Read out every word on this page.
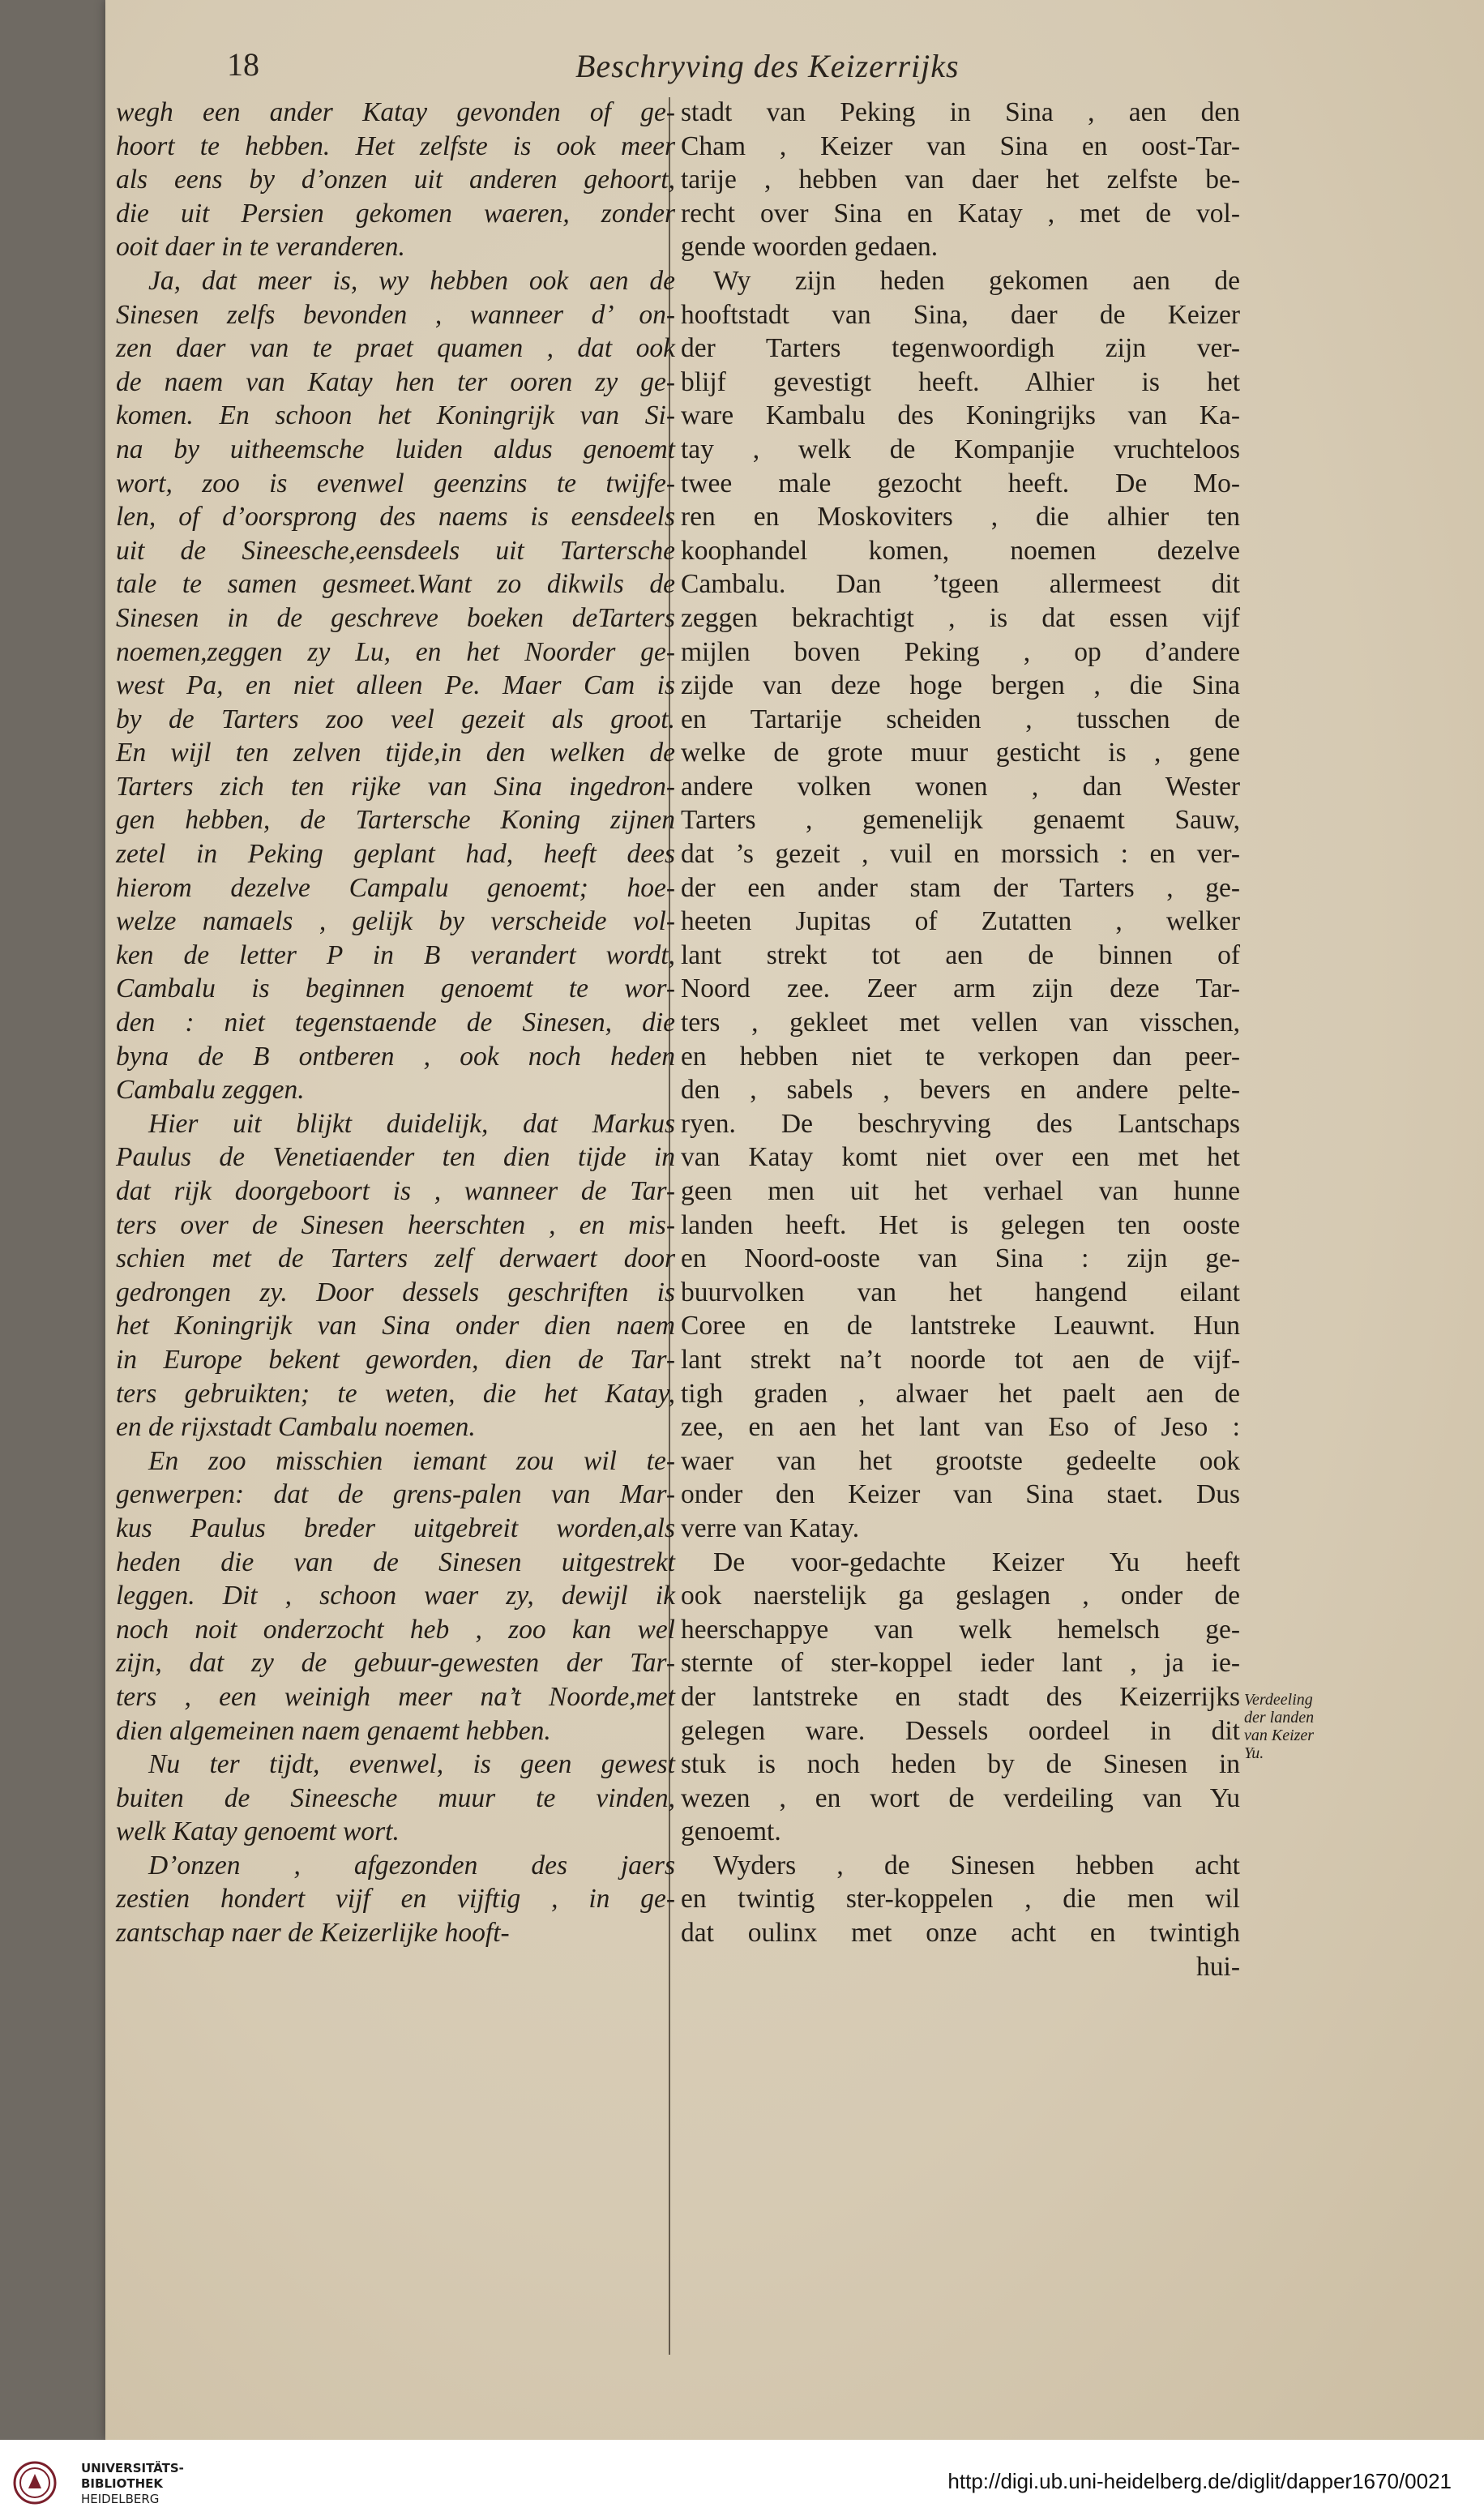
18	Beschryving des Keizerrijks

wegh een ander Katay gevonden of ge-
hoort te hebben. Het zelfste is ook meer
als eens by d’onzen uit anderen gehoort,
die uit Persien gekomen waeren, zonder
ooit daer in te veranderen.

Ja, dat meer is, wy hebben ook aen de
Sinesen zelfs bevonden , wanneer d’ on-
zen daer van te praet quamen , dat ook
de naem van Katay hen ter ooren zy ge-
komen. En schoon het Koningrijk van Si-
na by uitheemsche luiden aldus genoemt
wort, zoo is evenwel geenzins te twijfe-
len, of d’oorsprong des naems is eensdeels
uit de Sineesche,eensdeels uit Tartersche
tale te samen gesmeet.Want zo dikwils de
Sinesen in de geschreve boeken deTarters
noemen,zeggen zy Lu, en het Noorder ge-
west Pa, en niet alleen Pe. Maer Cam is
by de Tarters zoo veel gezeit als groot.
En wijl ten zelven tijde,in den welken de
Tarters zich ten rijke van Sina ingedron-
gen hebben, de Tartersche Koning zijnen
zetel in Peking geplant had, heeft dees
hierom dezelve Campalu genoemt; hoe-
welze namaels , gelijk by verscheide vol-
ken de letter P in B verandert wordt,
Cambalu is beginnen genoemt te wor-
den : niet tegenstaende de Sinesen, die
byna de B ontberen , ook noch heden
Cambalu zeggen.

Hier uit blijkt duidelijk, dat Markus
Paulus de Venetiaender ten dien tijde in
dat rijk doorgeboort is , wanneer de Tar-
ters over de Sinesen heerschten , en mis-
schien met de Tarters zelf derwaert door
gedrongen zy. Door dessels geschriften is
het Koningrijk van Sina onder dien naem
in Europe bekent geworden, dien de Tar-
ters gebruikten; te weten, die het Katay,
en de rijxstadt Cambalu noemen.

En zoo misschien iemant zou wil te-
genwerpen: dat de grens-palen van Mar-
kus Paulus breder uitgebreit worden,als
heden die van de Sinesen uitgestrekt
leggen. Dit , schoon waer zy, dewijl ik
noch noit onderzocht heb , zoo kan wel
zijn, dat zy de gebuur-gewesten der Tar-
ters , een weinigh meer na’t Noorde,met
dien algemeinen naem genaemt hebben.

Nu ter tijdt, evenwel, is geen gewest
buiten de Sineesche muur te vinden,
welk Katay genoemt wort.

D’onzen , afgezonden des jaers
zestien hondert vijf en vijftig , in ge-
zantschap naer de Keizerlijke hooft-

stadt van Peking in Sina , aen den
Cham , Keizer van Sina en oost-Tar-
tarije , hebben van daer het zelfste be-
recht over Sina en Katay , met de vol-
gende woorden gedaen.

Wy zijn heden gekomen aen de
hooftstadt van Sina, daer de Keizer
der Tarters tegenwoordigh zijn ver-
blijf gevestigt heeft. Alhier is het
ware Kambalu des Koningrijks van Ka-
tay , welk de Kompanjie vruchteloos
twee male gezocht heeft. De Mo-
ren en Moskoviters , die alhier ten
koophandel komen, noemen dezelve
Cambalu. Dan ’tgeen allermeest dit
zeggen bekrachtigt , is dat essen vijf
mijlen boven Peking , op d’andere
zijde van deze hoge bergen , die Sina
en Tartarije scheiden , tusschen de
welke de grote muur gesticht is , gene
andere volken wonen , dan Wester
Tarters , gemenelijk genaemt Sauw,
dat ’s gezeit , vuil en morssich : en ver-
der een ander stam der Tarters , ge-
heeten Jupitas of Zutatten , welker
lant strekt tot aen de binnen of
Noord zee. Zeer arm zijn deze Tar-
ters , gekleet met vellen van visschen,
en hebben niet te verkopen dan peer-
den , sabels , bevers en andere pelte-
ryen. De beschryving des Lantschaps
van Katay komt niet over een met het
geen men uit het verhael van hunne
landen heeft. Het is gelegen ten ooste
en Noord-ooste van Sina : zijn ge-
buurvolken van het hangend eilant
Coree en de lantstreke Leauwnt. Hun
lant strekt na’t noorde tot aen de vijf-
tigh graden , alwaer het paelt aen de
zee, en aen het lant van Eso of Jeso :
waer van het grootste gedeelte ook
onder den Keizer van Sina staet. Dus
verre van Katay.

De voor-gedachte Keizer Yu heeft
ook naerstelijk ga geslagen , onder de
heerschappye van welk hemelsch ge-
sternte of ster-koppel ieder lant , ja ie-
der lantstreke en stadt des Keizerrijks
gelegen ware. Dessels oordeel in dit
stuk is noch heden by de Sinesen in
wezen , en wort de verdeiling van Yu
genoemt.

Wyders , de Sinesen hebben acht
en twintig ster-koppelen , die men wil
dat oulinx met onze acht en twintigh
hui-

Verdeeling
der landen
van Keizer
Yu.
UNIVERSITÄTS-
BIBLIOTHEK
HEIDELBERG
http://digi.ub.uni-heidelberg.de/diglit/dapper1670/0021
